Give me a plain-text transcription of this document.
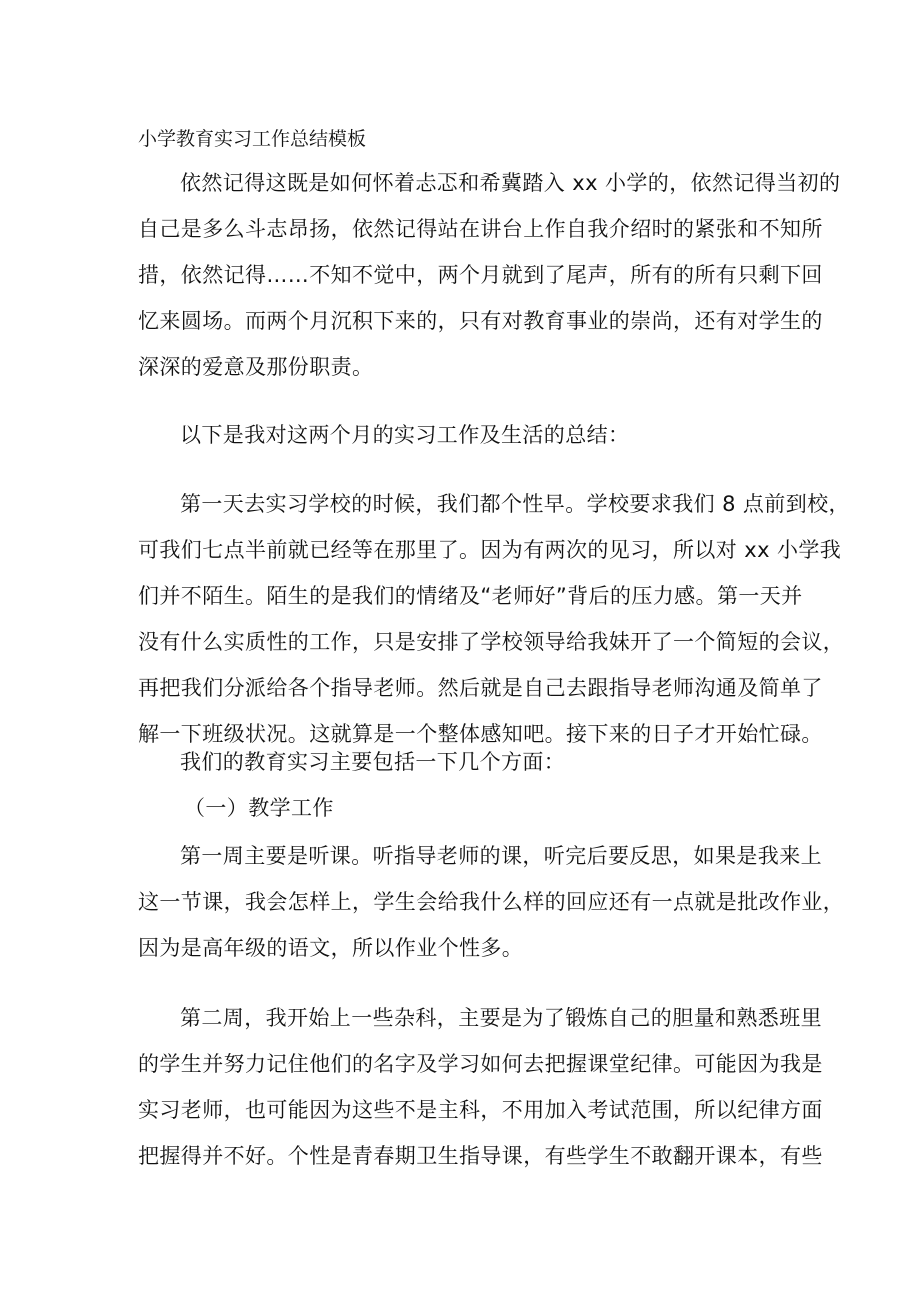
小学教育实习工作总结模板
依然记得这既是如何怀着忐忑和希冀踏入 xx 小学的，依然记得当初的
自己是多么斗志昂扬，依然记得站在讲台上作自我介绍时的紧张和不知所
措，依然记得……不知不觉中，两个月就到了尾声，所有的所有只剩下回
忆来圆场。而两个月沉积下来的，只有对教育事业的崇尚，还有对学生的
深深的爱意及那份职责。
以下是我对这两个月的实习工作及生活的总结：
第一天去实习学校的时候，我们都个性早。学校要求我们 8 点前到校，
可我们七点半前就已经等在那里了。因为有两次的见习，所以对 xx 小学我
们并不陌生。陌生的是我们的情绪及“老师好”背后的压力感。第一天并
没有什么实质性的工作，只是安排了学校领导给我妹开了一个简短的会议，
再把我们分派给各个指导老师。然后就是自己去跟指导老师沟通及简单了
解一下班级状况。这就算是一个整体感知吧。接下来的日子才开始忙碌。
我们的教育实习主要包括一下几个方面：
（一）教学工作
第一周主要是听课。听指导老师的课，听完后要反思，如果是我来上
这一节课，我会怎样上，学生会给我什么样的回应还有一点就是批改作业，
因为是高年级的语文，所以作业个性多。
第二周，我开始上一些杂科，主要是为了锻炼自己的胆量和熟悉班里
的学生并努力记住他们的名字及学习如何去把握课堂纪律。可能因为我是
实习老师，也可能因为这些不是主科，不用加入考试范围，所以纪律方面
把握得并不好。个性是青春期卫生指导课，有些学生不敢翻开课本，有些
